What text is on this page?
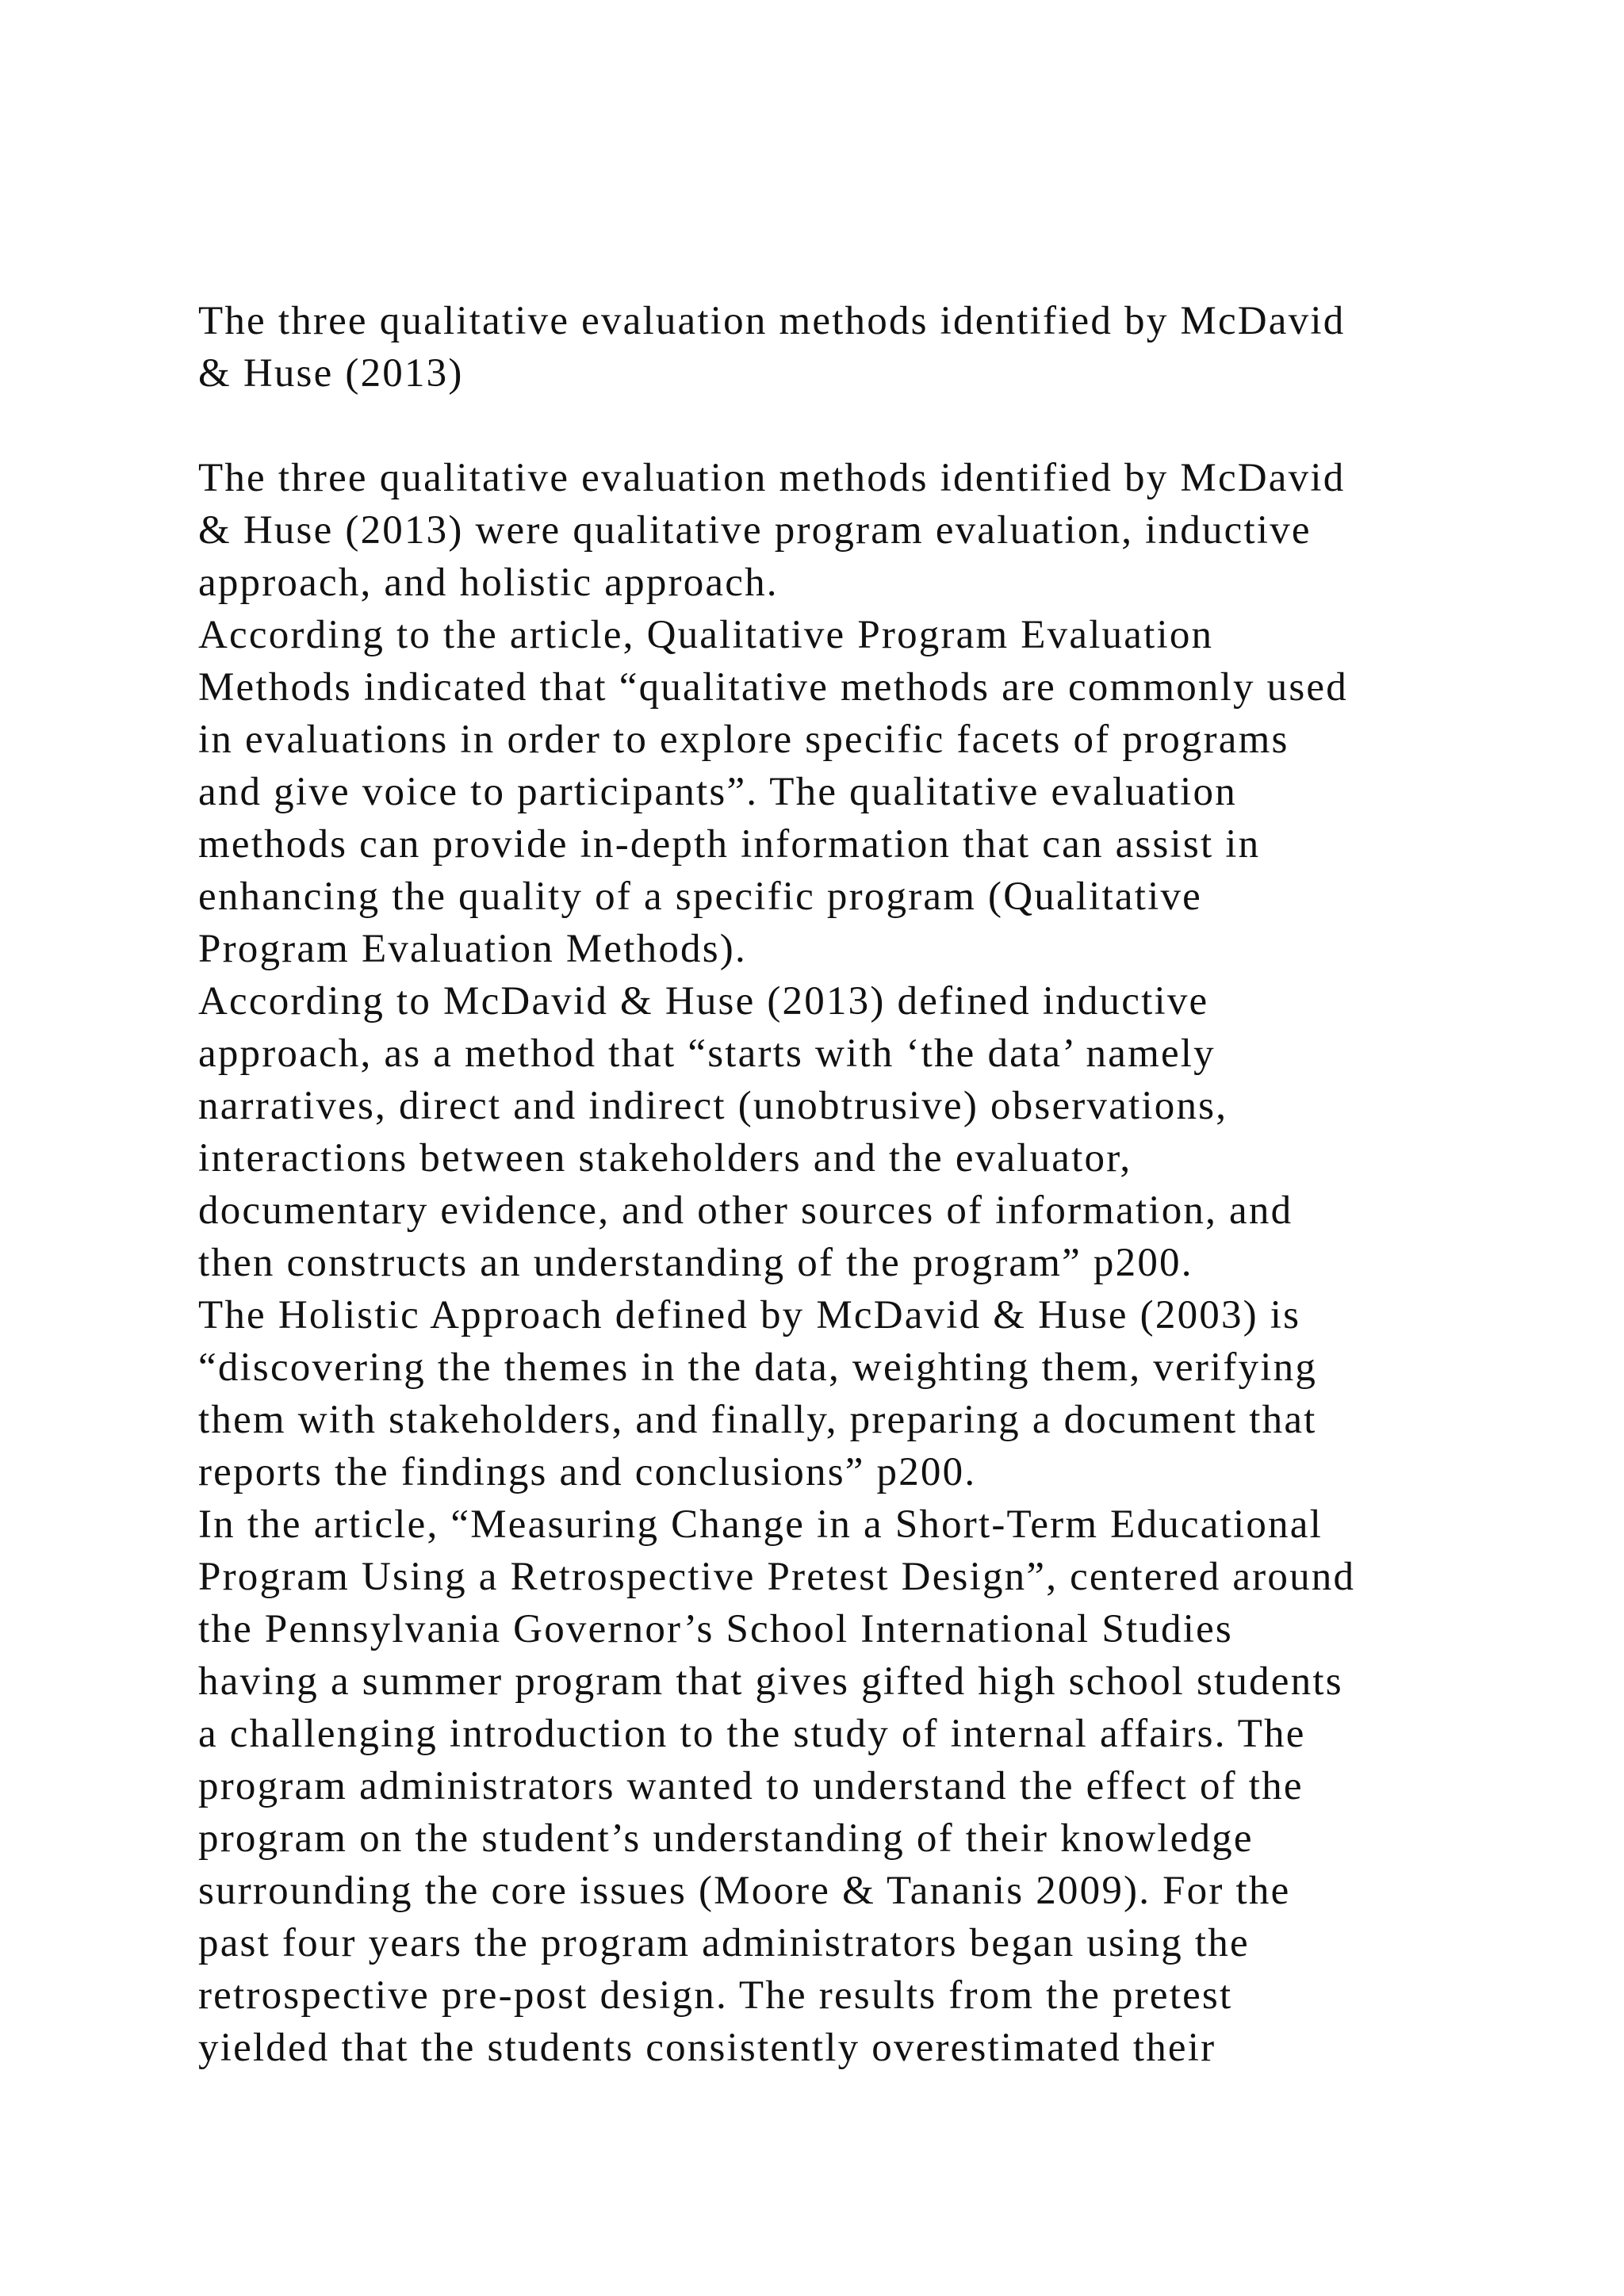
The three qualitative evaluation methods identified by McDavid
& Huse (2013)
The three qualitative evaluation methods identified by McDavid
& Huse (2013) were qualitative program evaluation, inductive
approach, and holistic approach.
According to the article, Qualitative Program Evaluation
Methods indicated that “qualitative methods are commonly used
in evaluations in order to explore specific facets of programs
and give voice to participants”. The qualitative evaluation
methods can provide in-depth information that can assist in
enhancing the quality of a specific program (Qualitative
Program Evaluation Methods).
According to McDavid & Huse (2013) defined inductive
approach, as a method that “starts with ‘the data’ namely
narratives, direct and indirect (unobtrusive) observations,
interactions between stakeholders and the evaluator,
documentary evidence, and other sources of information, and
then constructs an understanding of the program” p200.
The Holistic Approach defined by McDavid & Huse (2003) is
“discovering the themes in the data, weighting them, verifying
them with stakeholders, and finally, preparing a document that
reports the findings and conclusions” p200.
In the article, “Measuring Change in a Short-Term Educational
Program Using a Retrospective Pretest Design”, centered around
the Pennsylvania Governor’s School International Studies
having a summer program that gives gifted high school students
a challenging introduction to the study of internal affairs. The
program administrators wanted to understand the effect of the
program on the student’s understanding of their knowledge
surrounding the core issues (Moore & Tananis 2009). For the
past four years the program administrators began using the
retrospective pre-post design. The results from the pretest
yielded that the students consistently overestimated their
